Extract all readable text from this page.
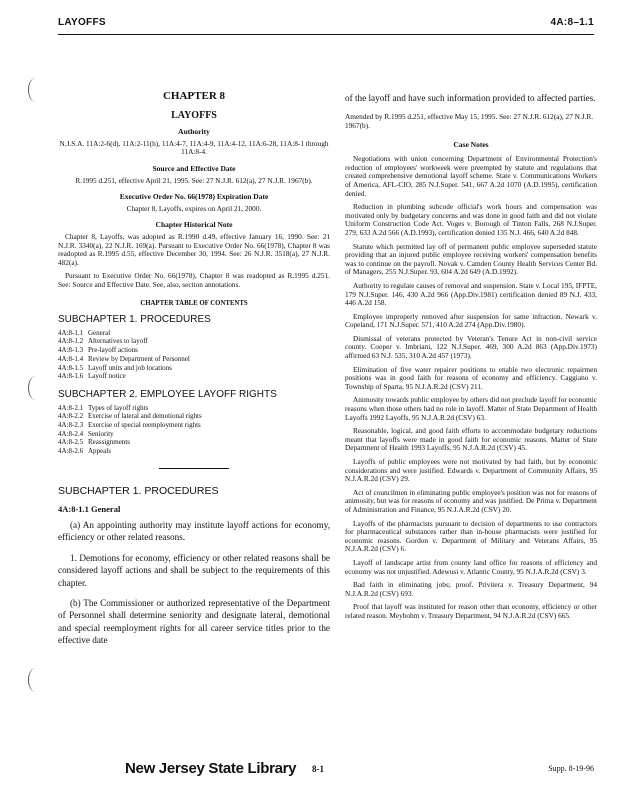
LAYOFFS	4A:8–1.1
CHAPTER 8
LAYOFFS
Authority
N.J.S.A. 11A:2-6(d), 11A:2-11(h), 11A:4-7, 11A:4-9, 11A:4-12, 11A:6-28, 11A:8-1 through 11A:8-4.
Source and Effective Date
R.1995 d.251, effective April 21, 1995. See: 27 N.J.R. 612(a), 27 N.J.R. 1967(b).
Executive Order No. 66(1978) Expiration Date
Chapter 8, Layoffs, expires on April 21, 2000.
Chapter Historical Note

Chapter 8, Layoffs, was adopted as R.1990 d.49, effective January 16, 1990. See: 21 N.J.R. 3340(a), 22 N.J.R. 169(a). Pursuant to Executive Order No. 66(1978), Chapter 8 was readopted as R.1995 d.55, effective December 30, 1994. See: 26 N.J.R. 3518(a), 27 N.J.R. 482(a).

Pursuant to Executive Order No. 66(1978), Chapter 8 was readopted as R.1995 d.251. See: Source and Effective Date. See, also, section annotations.

CHAPTER TABLE OF CONTENTS
SUBCHAPTER 1. PROCEDURES
4A:8-1.1 General
4A:8-1.2 Alternatives to layoff
4A:8-1.3 Pre-layoff actions
4A:8-1.4 Review by Department of Personnel
4A:8-1.5 Layoff units and job locations
4A:8-1.6 Layoff notice
SUBCHAPTER 2. EMPLOYEE LAYOFF RIGHTS
4A:8-2.1 Types of layoff rights
4A:8-2.2 Exercise of lateral and demotional rights
4A:8-2.3 Exercise of special reemployment rights
4A:8-2.4 Seniority
4A:8-2.5 Reassignments
4A:8-2.6 Appeals
SUBCHAPTER 1. PROCEDURES
4A:8-1.1 General

(a) An appointing authority may institute layoff actions for economy, efficiency or other related reasons.

1. Demotions for economy, efficiency or other related reasons shall be considered layoff actions and shall be subject to the requirements of this chapter.

(b) The Commissioner or authorized representative of the Department of Personnel shall determine seniority and designate lateral, demotional and special reemployment rights for all career service titles prior to the effective date

of the layoff and have such information provided to affected parties.

Amended by R.1995 d.251, effective May 15, 1995. See: 27 N.J.R. 612(a), 27 N.J.R. 1967(b).
Case Notes

Negotiations with union concerning Department of Environmental Protection's reduction of employees' workweek were preempted by statute and regulations that created comprehensive demotional layoff scheme. State v. Communications Workers of America, AFL-CIO, 285 N.J.Super. 541, 667 A.2d 1070 (A.D.1995), certification denied.

Reduction in plumbing subcode official's work hours and compensation was motivated only by budgetary concerns and was done in good faith and did not violate Uniform Construction Code Act. Voges v. Borough of Tinton Falls, 268 N.J.Super. 279, 633 A.2d 566 (A.D.1993), certification denied 135 N.J. 466, 640 A.2d 848.

Statute which permitted lay off of permanent public employee superseded statute providing that an injured public employee receiving workers' compensation benefits was to continue on the payroll. Novak v. Camden County Health Services Center Bd. of Managers, 255 N.J.Super. 93, 604 A.2d 649 (A.D.1992).

Authority to regulate causes of removal and suspension. State v. Local 195, IFPTE, 179 N.J.Super. 146, 430 A.2d 966 (App.Div.1981) certification denied 89 N.J. 433, 446 A.2d 158.

Employee improperly removed after suspension for same infraction. Newark v. Copeland, 171 N.J.Super. 571, 410 A.2d 274 (App.Div.1980).

Dismissal of veterans protected by Veteran's Tenure Act in non-civil service county. Cooper v. Imbriani, 122 N.J.Super. 469, 300 A.2d 863 (App.Div.1973) affirmed 63 N.J. 535, 310 A.2d 457 (1973).

Elimination of five water repairer positions to enable two electronic repairmen positions was in good faith for reasons of economy and efficiency. Caggiano v. Township of Sparta, 95 N.J.A.R.2d (CSV) 211.

Animosity towards public employee by others did not preclude layoff for economic reasons when those others had no role in layoff. Matter of State Department of Health Layoffs 1992 Layoffs, 95 N.J.A.R.2d (CSV) 63.

Reasonable, logical, and good faith efforts to accommodate budgetary reductions meant that layoffs were made in good faith for economic reasons. Matter of State Department of Health 1993 Layoffs, 95 N.J.A.R.2d (CSV) 45.

Layoffs of public employees were not motivated by bad faith, but by economic considerations and were justified. Edwards v. Department of Community Affairs, 95 N.J.A.R.2d (CSV) 29.

Act of councilmen in eliminating public employee's position was not for reasons of animosity, but was for reasons of economy and was justified. De Prima v. Department of Administration and Finance, 95 N.J.A.R.2d (CSV) 20.

Layoffs of the pharmacists pursuant to decision of departments to use contractors for pharmaceutical substances rather than in-house pharmacists were justified for economic reasons. Gordon v. Department of Military and Veterans Affairs, 95 N.J.A.R.2d (CSV) 6.

Layoff of landscape artist from county land office for reasons of efficiency and economy was not unjustified. Adewusi v. Atlantic County, 95 N.J.A.R.2d (CSV) 3.

Bad faith in eliminating jobs; proof. Privitera v. Treasury Department, 94 N.J.A.R.2d (CSV) 693.

Proof that layoff was instituted for reason other than economy, efficiency or other related reason. Meybohm v. Treasury Department, 94 N.J.A.R.2d (CSV) 665.

New Jersey State Library 8-1	Supp. 8-19-96
